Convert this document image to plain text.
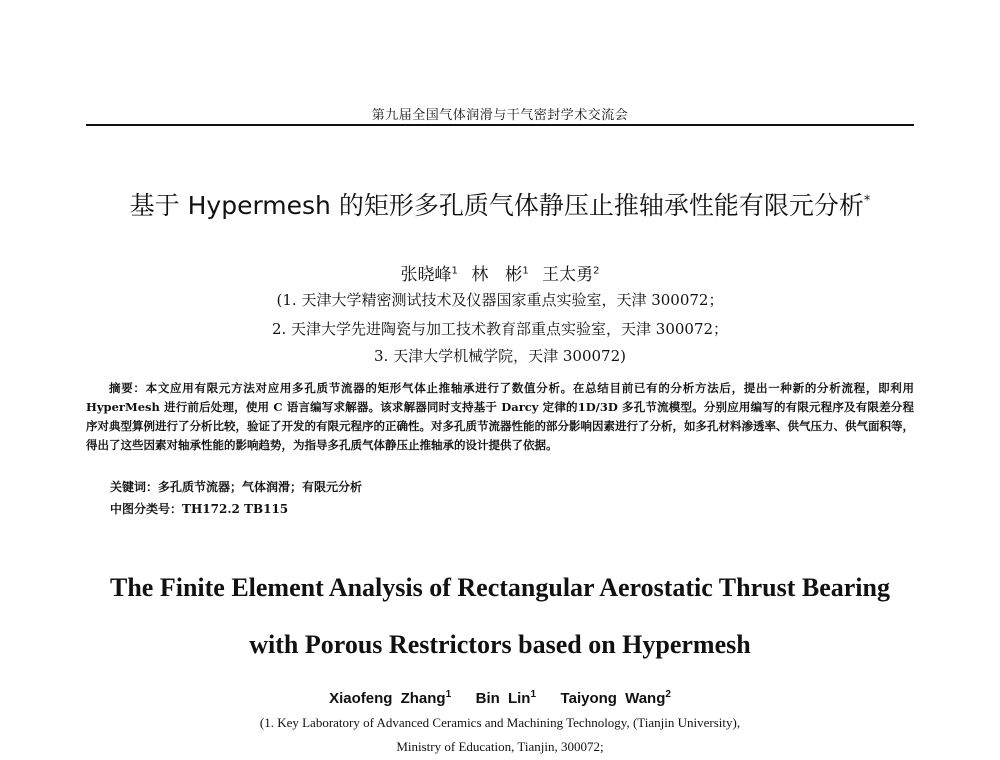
第九届全国气体润滑与干气密封学术交流会
基于 Hypermesh 的矩形多孔质气体静压止推轴承性能有限元分析*
张晓峰$^1$ 林　彬$^1$ 王太勇$^2$
(1. 天津大学精密测试技术及仪器国家重点实验室，天津 300072；
2. 天津大学先进陶瓷与加工技术教育部重点实验室，天津 300072；
3. 天津大学机械学院，天津 300072)
摘要：本文应用有限元方法对应用多孔质节流器的矩形气体止推轴承进行了数值分析。在总结目前已有的分析方法后，提出一种新的分析流程，即利用 HyperMesh 进行前后处理，使用 C 语言编写求解器。该求解器同时支持基于 Darcy 定律的1D/3D 多孔节流模型。分别应用编写的有限元程序及有限差分程序对典型算例进行了分析比较，验证了开发的有限元程序的正确性。对多孔质节流器性能的部分影响因素进行了分析，如多孔材料渗透率、供气压力、供气面积等，得出了这些因素对轴承性能的影响趋势，为指导多孔质气体静压止推轴承的设计提供了依据。
关键词：多孔质节流器；气体润滑；有限元分析
中图分类号：TH172.2 TB115
The Finite Element Analysis of Rectangular Aerostatic Thrust Bearing
with Porous Restrictors based on Hypermesh
Xiaofeng Zhang$^1$ Bin Lin$^1$ Taiyong Wang$^2$
(1. Key Laboratory of Advanced Ceramics and Machining Technology, (Tianjin University),
Ministry of Education, Tianjin, 300072;
